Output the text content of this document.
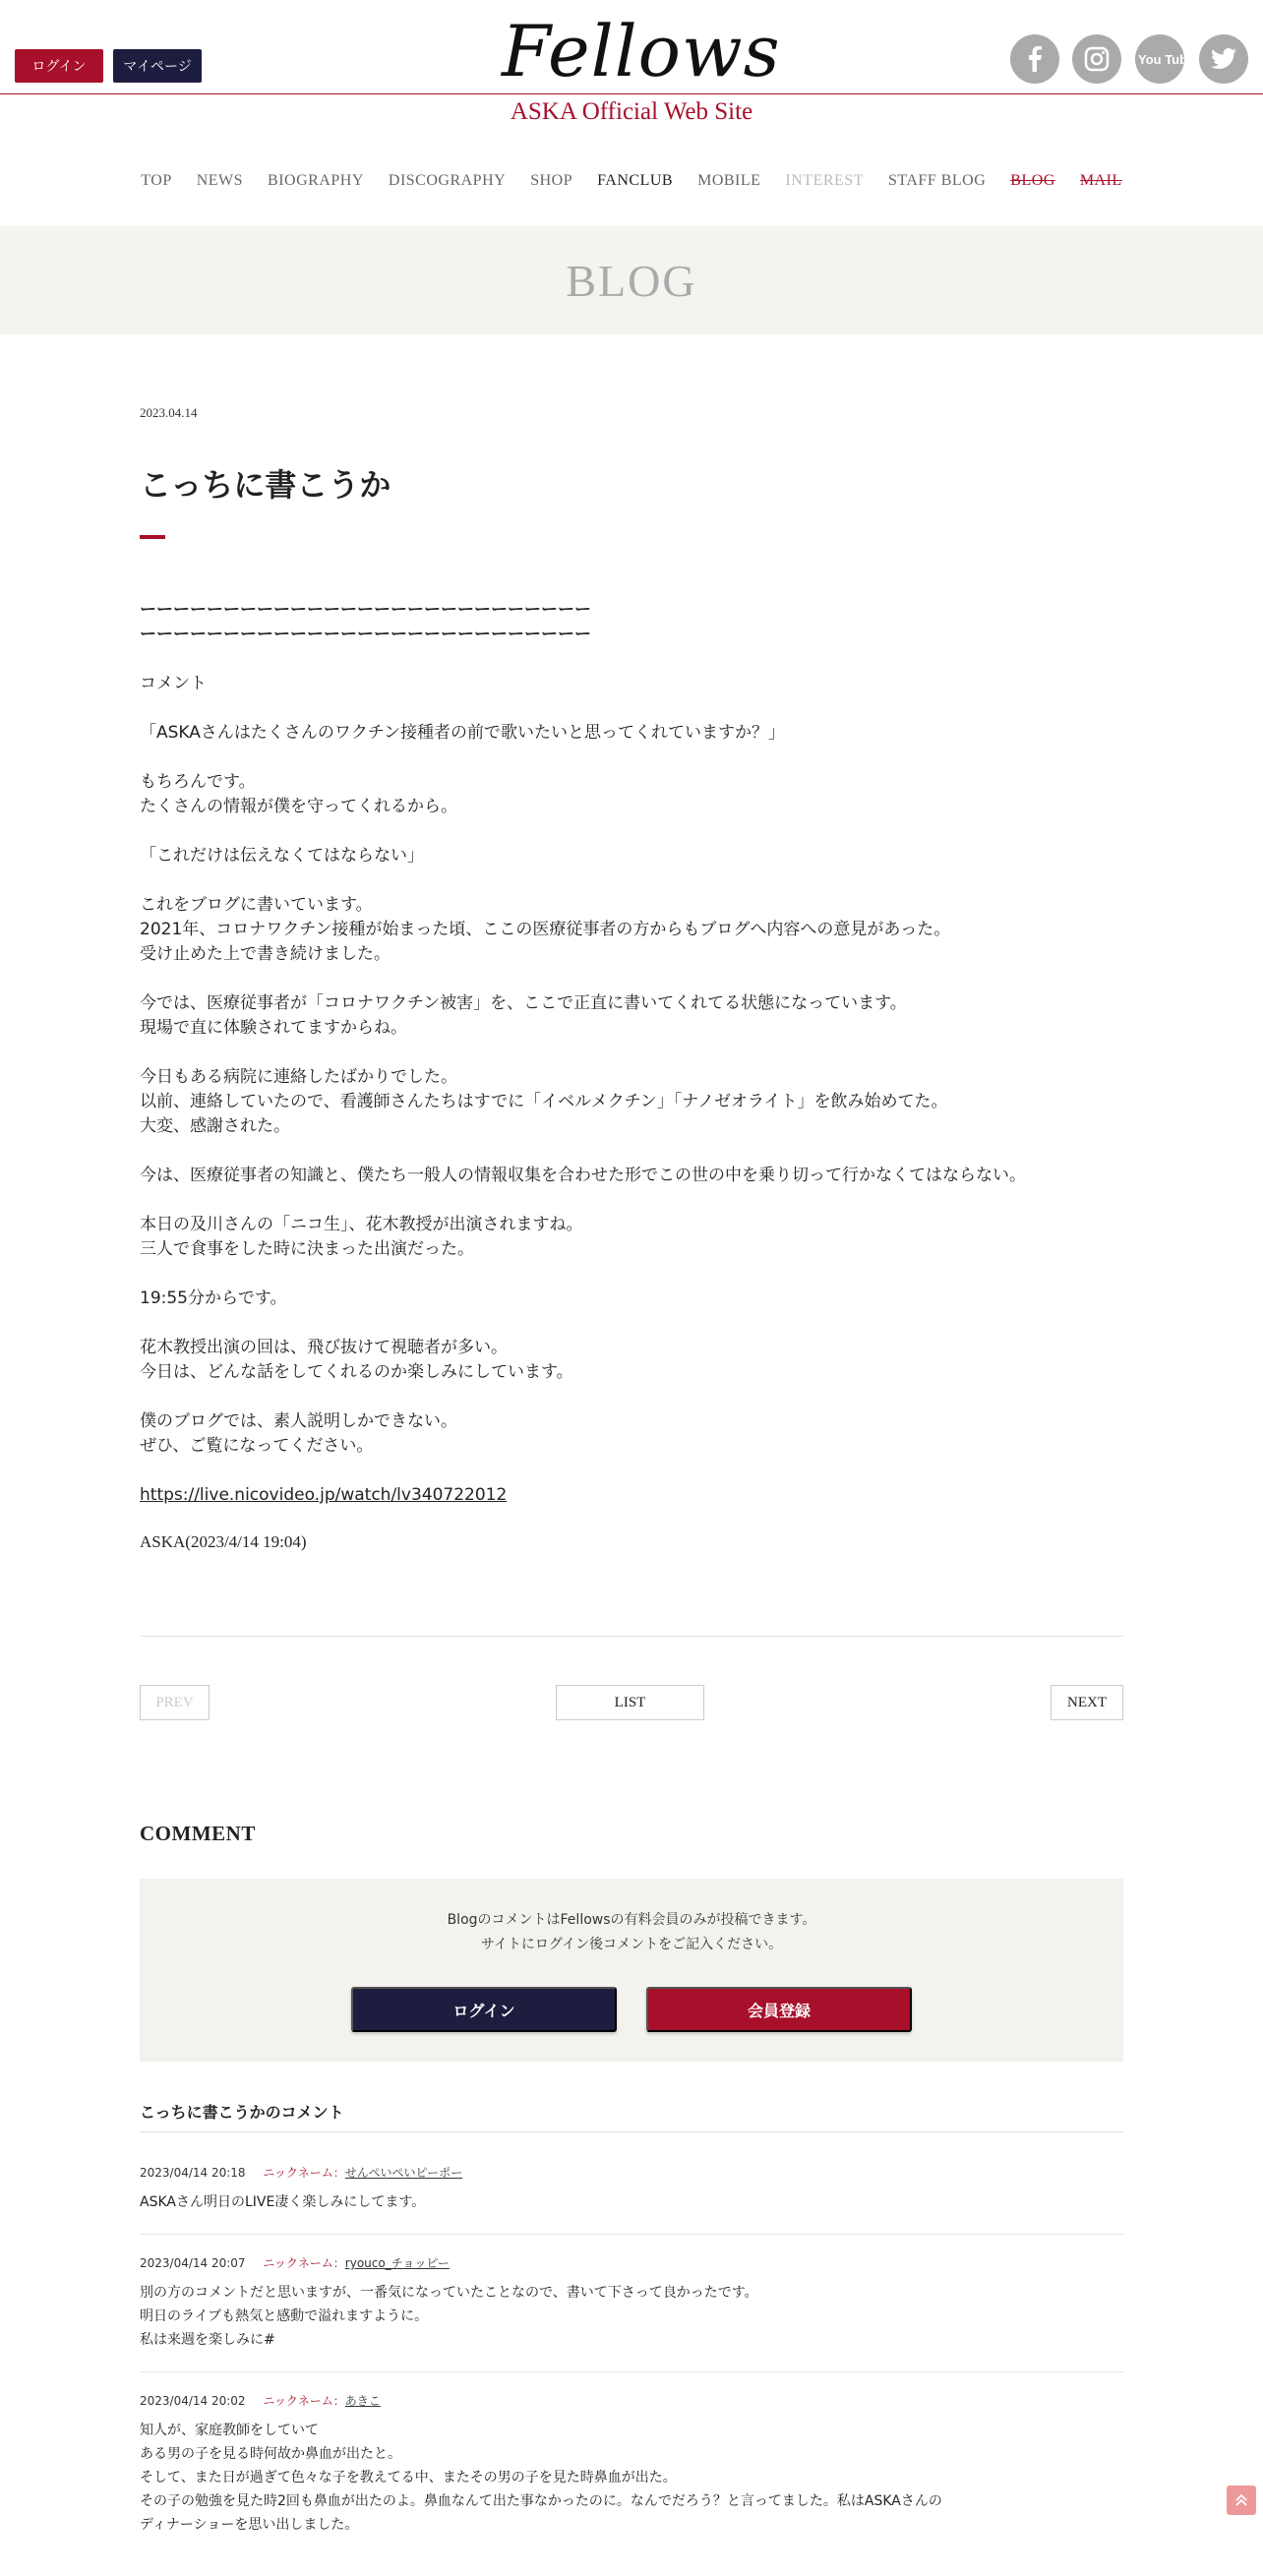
ログイン	マイページ	Fellows
ASKA Official Web Site
You Tube
TOP	NEWS	BIOGRAPHY	DISCOGRAPHY	SHOP	FANCLUB	MOBILE	INTEREST	STAFF BLOG	BLOG	MAIL
BLOG
2023.04.14
こっちに書こうか

ーーーーーーーーーーーーーーーーーーーーーーーーーーー
ーーーーーーーーーーーーーーーーーーーーーーーーーーー

コメント

「ASKAさんはたくさんのワクチン接種者の前で歌いたいと思ってくれていますか？」

もちろんです。
たくさんの情報が僕を守ってくれるから。

「これだけは伝えなくてはならない」

これをブログに書いています。
2021年、コロナワクチン接種が始まった頃、ここの医療従事者の方からもブログへ内容への意見があった。
受け止めた上で書き続けました。

今では、医療従事者が「コロナワクチン被害」を、ここで正直に書いてくれてる状態になっています。
現場で直に体験されてますからね。

今日もある病院に連絡したばかりでした。
以前、連絡していたので、看護師さんたちはすでに「イベルメクチン」「ナノゼオライト」を飲み始めてた。
大変、感謝された。

今は、医療従事者の知識と、僕たち一般人の情報収集を合わせた形でこの世の中を乗り切って行かなくてはならない。

本日の及川さんの「ニコ生」、花木教授が出演されますね。
三人で食事をした時に決まった出演だった。

19:55分からです。

花木教授出演の回は、飛び抜けて視聴者が多い。
今日は、どんな話をしてくれるのか楽しみにしています。

僕のブログでは、素人説明しかできない。
ぜひ、ご覧になってください。

https://live.nicovideo.jp/watch/lv340722012

ASKA(2023/4/14 19:04)
PREV	LIST	NEXT
COMMENT
BlogのコメントはFellowsの有料会員のみが投稿できます。
サイトにログイン後コメントをご記入ください。
ログイン	会員登録
こっちに書こうかのコメント
2023/04/14 20:18 ニックネーム：せんぺいぺいピーポー
ASKAさん明日のLIVE凄く楽しみにしてます。
2023/04/14 20:07 ニックネーム：ryouco_チョッピー
別の方のコメントだと思いますが、一番気になっていたことなので、書いて下さって良かったです。
明日のライブも熱気と感動で溢れますように。
私は来週を楽しみに#
2023/04/14 20:02 ニックネーム：あきこ
知人が、家庭教師をしていて
ある男の子を見る時何故か鼻血が出たと。
そして、また日が過ぎて色々な子を教えてる中、またその男の子を見た時鼻血が出た。
その子の勉強を見た時2回も鼻血が出たのよ。鼻血なんて出た事なかったのに。なんでだろう？と言ってました。私はASKAさんの
ディナーショーを思い出しました。
